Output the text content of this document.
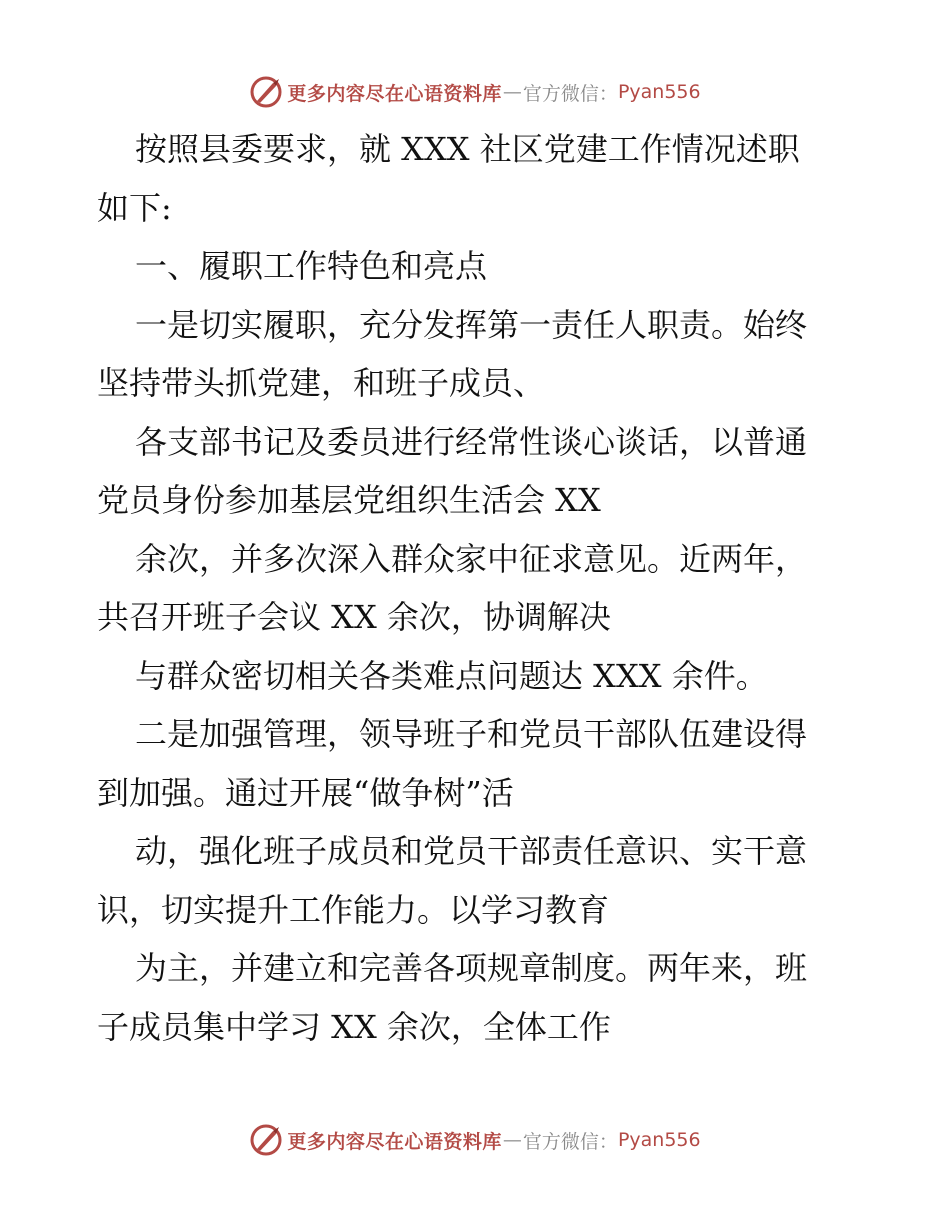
更多内容尽在心语资料库 — 官方微信： Pyan556
按照县委要求，就 XXX 社区党建工作情况述职
如下:
一、履职工作特色和亮点
一是切实履职，充分发挥第一责任人职责。始终
坚持带头抓党建，和班子成员、
各支部书记及委员进行经常性谈心谈话，以普通
党员身份参加基层党组织生活会 XX
余次，并多次深入群众家中征求意见。近两年，
共召开班子会议 XX 余次，协调解决
与群众密切相关各类难点问题达 XXX 余件。
二是加强管理，领导班子和党员干部队伍建设得
到加强。通过开展“做争树”活
动，强化班子成员和党员干部责任意识、实干意
识，切实提升工作能力。以学习教育
为主，并建立和完善各项规章制度。两年来，班
子成员集中学习 XX 余次，全体工作
更多内容尽在心语资料库 — 官方微信： Pyan556
